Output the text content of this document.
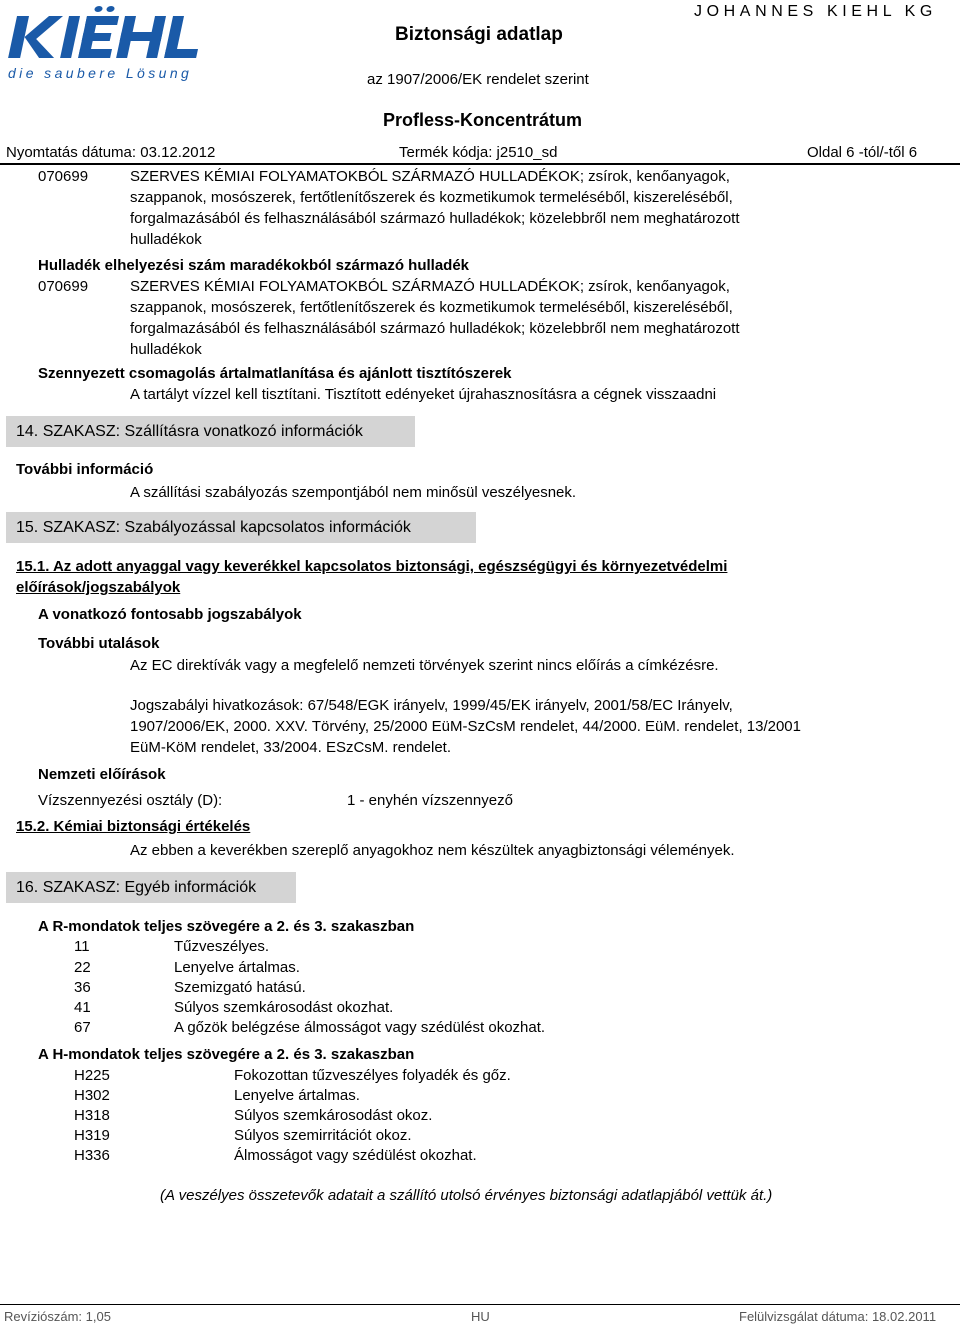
die saubere Lösung
Biztonsági adatlap
az 1907/2006/EK rendelet szerint
JOHANNES KIEHL KG
Profless-Koncentrátum
Nyomtatás dátuma: 03.12.2012	Termék kódja: j2510_sd	Oldal 6 -tól/-től 6
070699	SZERVES KÉMIAI FOLYAMATOKBÓL SZÁRMAZÓ HULLADÉKOK; zsírok, kenőanyagok,
szappanok, mosószerek, fertőtlenítőszerek és kozmetikumok termeléséből, kiszereléséből,
forgalmazásából és felhasználásából származó hulladékok; közelebbről nem meghatározott
hulladékok
Hulladék elhelyezési szám maradékokból származó hulladék
070699	SZERVES KÉMIAI FOLYAMATOKBÓL SZÁRMAZÓ HULLADÉKOK; zsírok, kenőanyagok,
szappanok, mosószerek, fertőtlenítőszerek és kozmetikumok termeléséből, kiszereléséből,
forgalmazásából és felhasználásából származó hulladékok; közelebbről nem meghatározott
hulladékok
Szennyezett csomagolás ártalmatlanítása és ajánlott tisztítószerek
A tartályt vízzel kell tisztítani. Tisztított edényeket újrahasznosításra a cégnek visszaadni
14. SZAKASZ: Szállításra vonatkozó információk
További információ
A szállítási szabályozás szempontjából nem minősül veszélyesnek.
15. SZAKASZ: Szabályozással kapcsolatos információk
15.1. Az adott anyaggal vagy keverékkel kapcsolatos biztonsági, egészségügyi és környezetvédelmi
előírások/jogszabályok
A vonatkozó fontosabb jogszabályok
További utalások
Az EC direktívák vagy a megfelelő nemzeti törvények szerint nincs előírás a címkézésre.
Jogszabályi hivatkozások: 67/548/EGK irányelv, 1999/45/EK irányelv, 2001/58/EC Irányelv,
1907/2006/EK, 2000. XXV. Törvény, 25/2000 EüM-SzCsM rendelet, 44/2000. EüM. rendelet, 13/2001
EüM-KöM rendelet, 33/2004. ESzCsM. rendelet.
Nemzeti előírások
Vízszennyezési osztály (D):	1 - enyhén vízszennyező
15.2. Kémiai biztonsági értékelés
Az ebben a keverékben szereplő anyagokhoz nem készültek anyagbiztonsági vélemények.
16. SZAKASZ: Egyéb információk
A R-mondatok teljes szövegére a 2. és 3. szakaszban
11	Tűzveszélyes.
22	Lenyelve ártalmas.
36	Szemizgató hatású.
41	Súlyos szemkárosodást okozhat.
67	A gőzök belégzése álmosságot vagy szédülést okozhat.
A H-mondatok teljes szövegére a 2. és 3. szakaszban
H225	Fokozottan tűzveszélyes folyadék és gőz.
H302	Lenyelve ártalmas.
H318	Súlyos szemkárosodást okoz.
H319	Súlyos szemirritációt okoz.
H336	Álmosságot vagy szédülést okozhat.
(A veszélyes összetevők adatait a szállító utolsó érvényes biztonsági adatlapjából vettük át.)
Revíziószám: 1,05	HU	Felülvizsgálat dátuma: 18.02.2011
